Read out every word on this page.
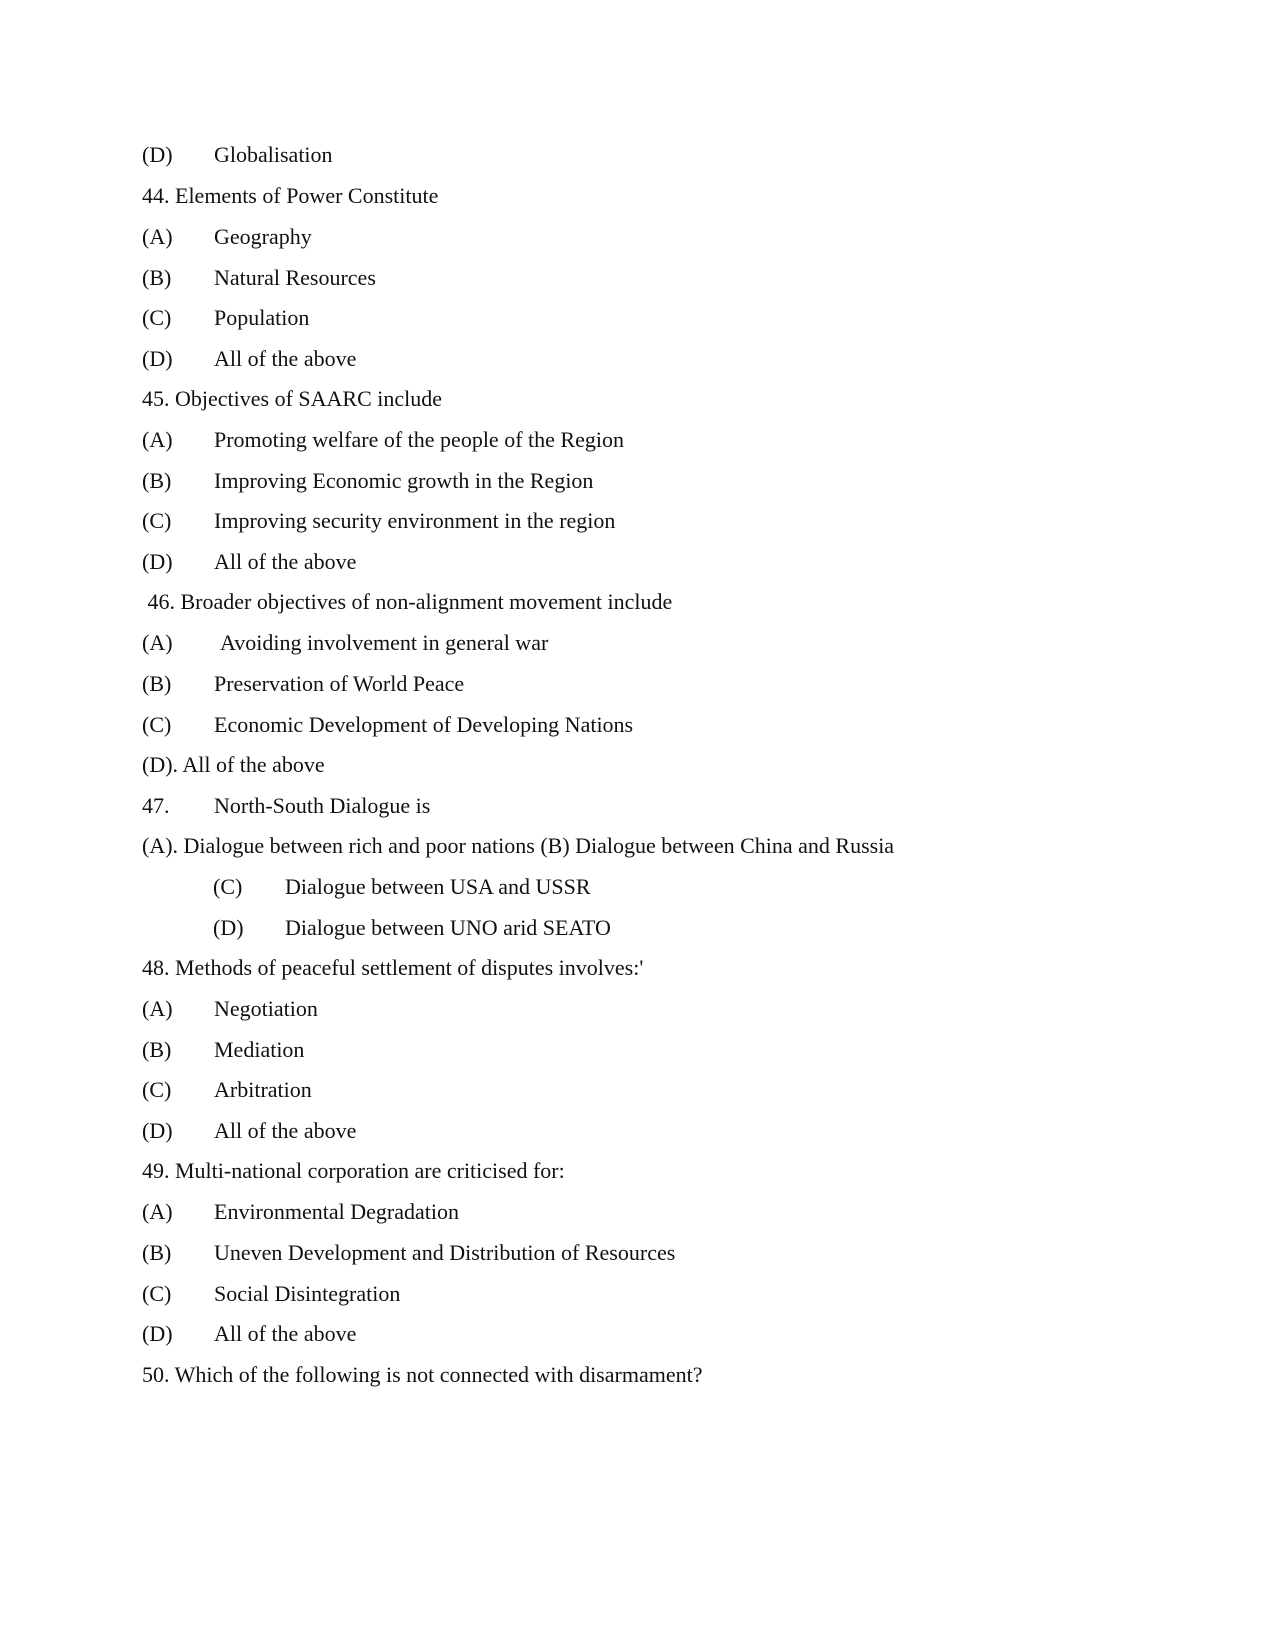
(D) Globalisation
44. Elements of Power Constitute
(A) Geography
(B) Natural Resources
(C) Population
(D) All of the above
45. Objectives of SAARC include
(A) Promoting welfare of the people of the Region
(B) Improving Economic growth in the Region
(C) Improving security environment in the region
(D) All of the above
46. Broader objectives of non-alignment movement include
(A) Avoiding involvement in general war
(B) Preservation of World Peace
(C) Economic Development of Developing Nations
(D). All of the above
47. North-South Dialogue is
(A). Dialogue between rich and poor nations (B) Dialogue between China and Russia
(C) Dialogue between USA and USSR
(D) Dialogue between UNO arid SEATO
48. Methods of peaceful settlement of disputes involves:'
(A) Negotiation
(B) Mediation
(C) Arbitration
(D) All of the above
49. Multi-national corporation are criticised for:
(A) Environmental Degradation
(B) Uneven Development and Distribution of Resources
(C) Social Disintegration
(D) All of the above
50. Which of the following is not connected with disarmament?
